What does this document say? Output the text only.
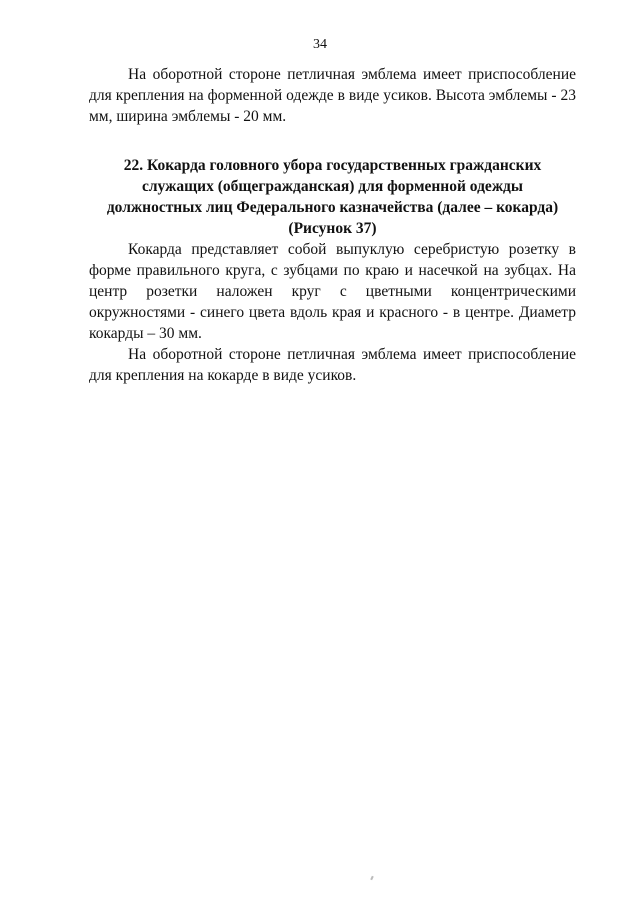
34

На оборотной стороне петличная эмблема имеет приспособление для крепления на форменной одежде в виде усиков. Высота эмблемы - 23 мм, ширина эмблемы - 20 мм.

22. Кокарда головного убора государственных гражданских служащих (общегражданская) для форменной одежды должностных лиц Федерального казначейства (далее – кокарда) (Рисунок 37)

Кокарда представляет собой выпуклую серебристую розетку в форме правильного круга, с зубцами по краю и насечкой на зубцах. На центр розетки наложен круг с цветными концентрическими окружностями - синего цвета вдоль края и красного - в центре. Диаметр кокарды – 30 мм.

На оборотной стороне петличная эмблема имеет приспособление для крепления на кокарде в виде усиков.
